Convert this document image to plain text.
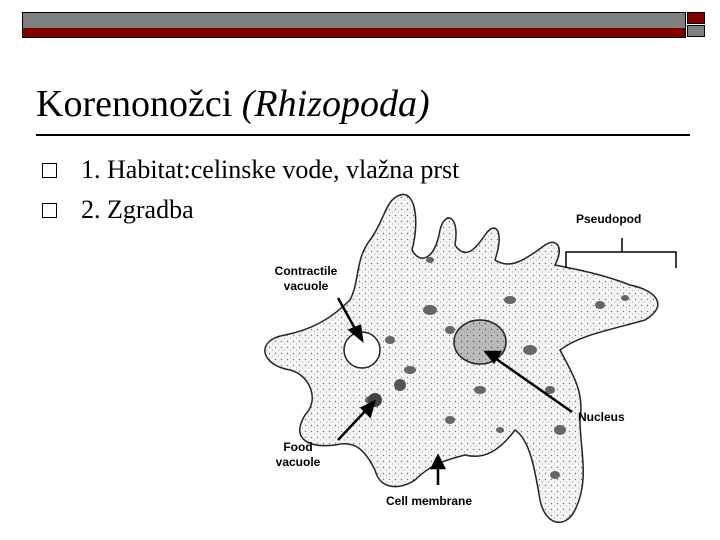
Korenonožci (Rhizopoda)
1. Habitat:celinske vode, vlažna prst
2. Zgradba	Pseudopod
Contractile
vacuole
Nucleus
Food
vacuole
Cell membrane
